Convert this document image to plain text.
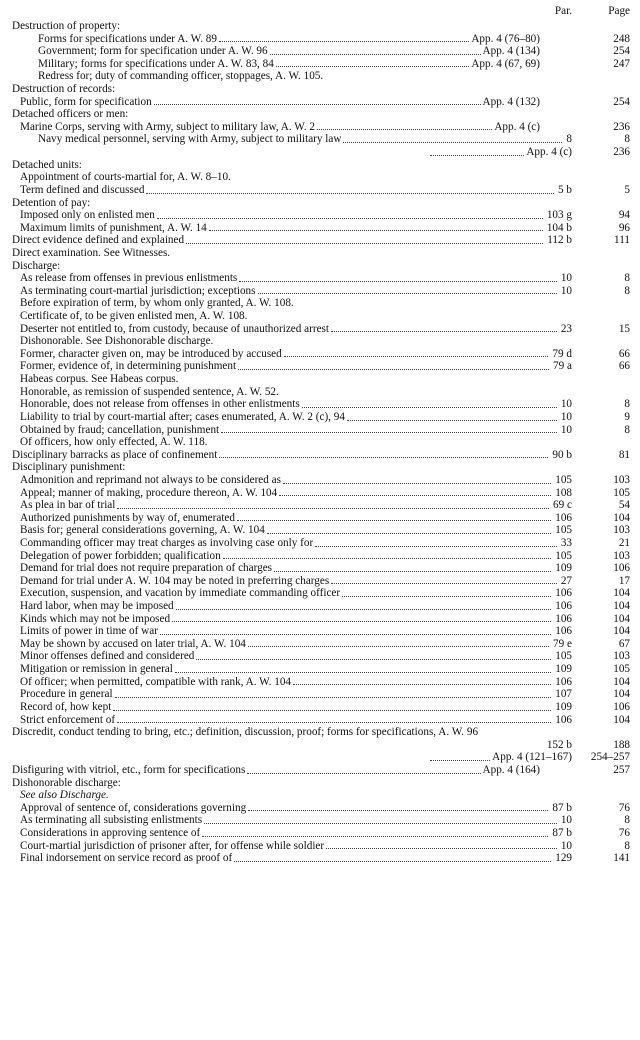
Par.	Page
Destruction of property:
Forms for specifications under A. W. 89	App. 4 (76–80)	248
Government; form for specification under A. W. 96	App. 4 (134)	254
Military; forms for specifications under A. W. 83, 84	App. 4 (67, 69)	247
Redress for; duty of commanding officer, stoppages, A. W. 105.
Destruction of records:
Public, form for specification	App. 4 (132)	254
Detached officers or men:
Marine Corps, serving with Army, subject to military law, A. W. 2	App. 4 (c)	236
Navy medical personnel, serving with Army, subject to military law	8	8
App. 4 (c)	236
Detached units:
Appointment of courts-martial for, A. W. 8–10.
Term defined and discussed	5 b	5
Detention of pay:
Imposed only on enlisted men	103 g	94
Maximum limits of punishment, A. W. 14	104 b	96
Direct evidence defined and explained	112 b	111
Direct examination. See Witnesses.
Discharge:
As release from offenses in previous enlistments	10	8
As terminating court-martial jurisdiction; exceptions	10	8
Before expiration of term, by whom only granted, A. W. 108.
Certificate of, to be given enlisted men, A. W. 108.
Deserter not entitled to, from custody, because of unauthorized arrest	23	15
Dishonorable. See Dishonorable discharge.
Former, character given on, may be introduced by accused	79 d	66
Former, evidence of, in determining punishment	79 a	66
Habeas corpus. See Habeas corpus.
Honorable, as remission of suspended sentence, A. W. 52.
Honorable, does not release from offenses in other enlistments	10	8
Liability to trial by court-martial after; cases enumerated, A. W. 2 (c), 94	10	9
Obtained by fraud; cancellation, punishment	10	8
Of officers, how only effected, A. W. 118.
Disciplinary barracks as place of confinement	90 b	81
Disciplinary punishment:
Admonition and reprimand not always to be considered as	105	103
Appeal; manner of making, procedure thereon, A. W. 104	108	105
As plea in bar of trial	69 c	54
Authorized punishments by way of, enumerated	106	104
Basis for; general considerations governing, A. W. 104	105	103
Commanding officer may treat charges as involving case only for	33	21
Delegation of power forbidden; qualification	105	103
Demand for trial does not require preparation of charges	109	106
Demand for trial under A. W. 104 may be noted in preferring charges	27	17
Execution, suspension, and vacation by immediate commanding officer	106	104
Hard labor, when may be imposed	106	104
Kinds which may not be imposed	106	104
Limits of power in time of war	106	104
May be shown by accused on later trial, A. W. 104	79 e	67
Minor offenses defined and considered	105	103
Mitigation or remission in general	109	105
Of officer; when permitted, compatible with rank, A. W. 104	106	104
Procedure in general	107	104
Record of, how kept	109	106
Strict enforcement of	106	104
Discredit, conduct tending to bring, etc.; definition, discussion, proof; forms for specifications, A. W. 96
152 b	188
App. 4 (121–167)	254–257
Disfiguring with vitriol, etc., form for specifications	App. 4 (164)	257
Dishonorable discharge:
See also Discharge.
Approval of sentence of, considerations governing	87 b	76
As terminating all subsisting enlistments	10	8
Considerations in approving sentence of	87 b	76
Court-martial jurisdiction of prisoner after, for offense while soldier	10	8
Final indorsement on service record as proof of	129	141
